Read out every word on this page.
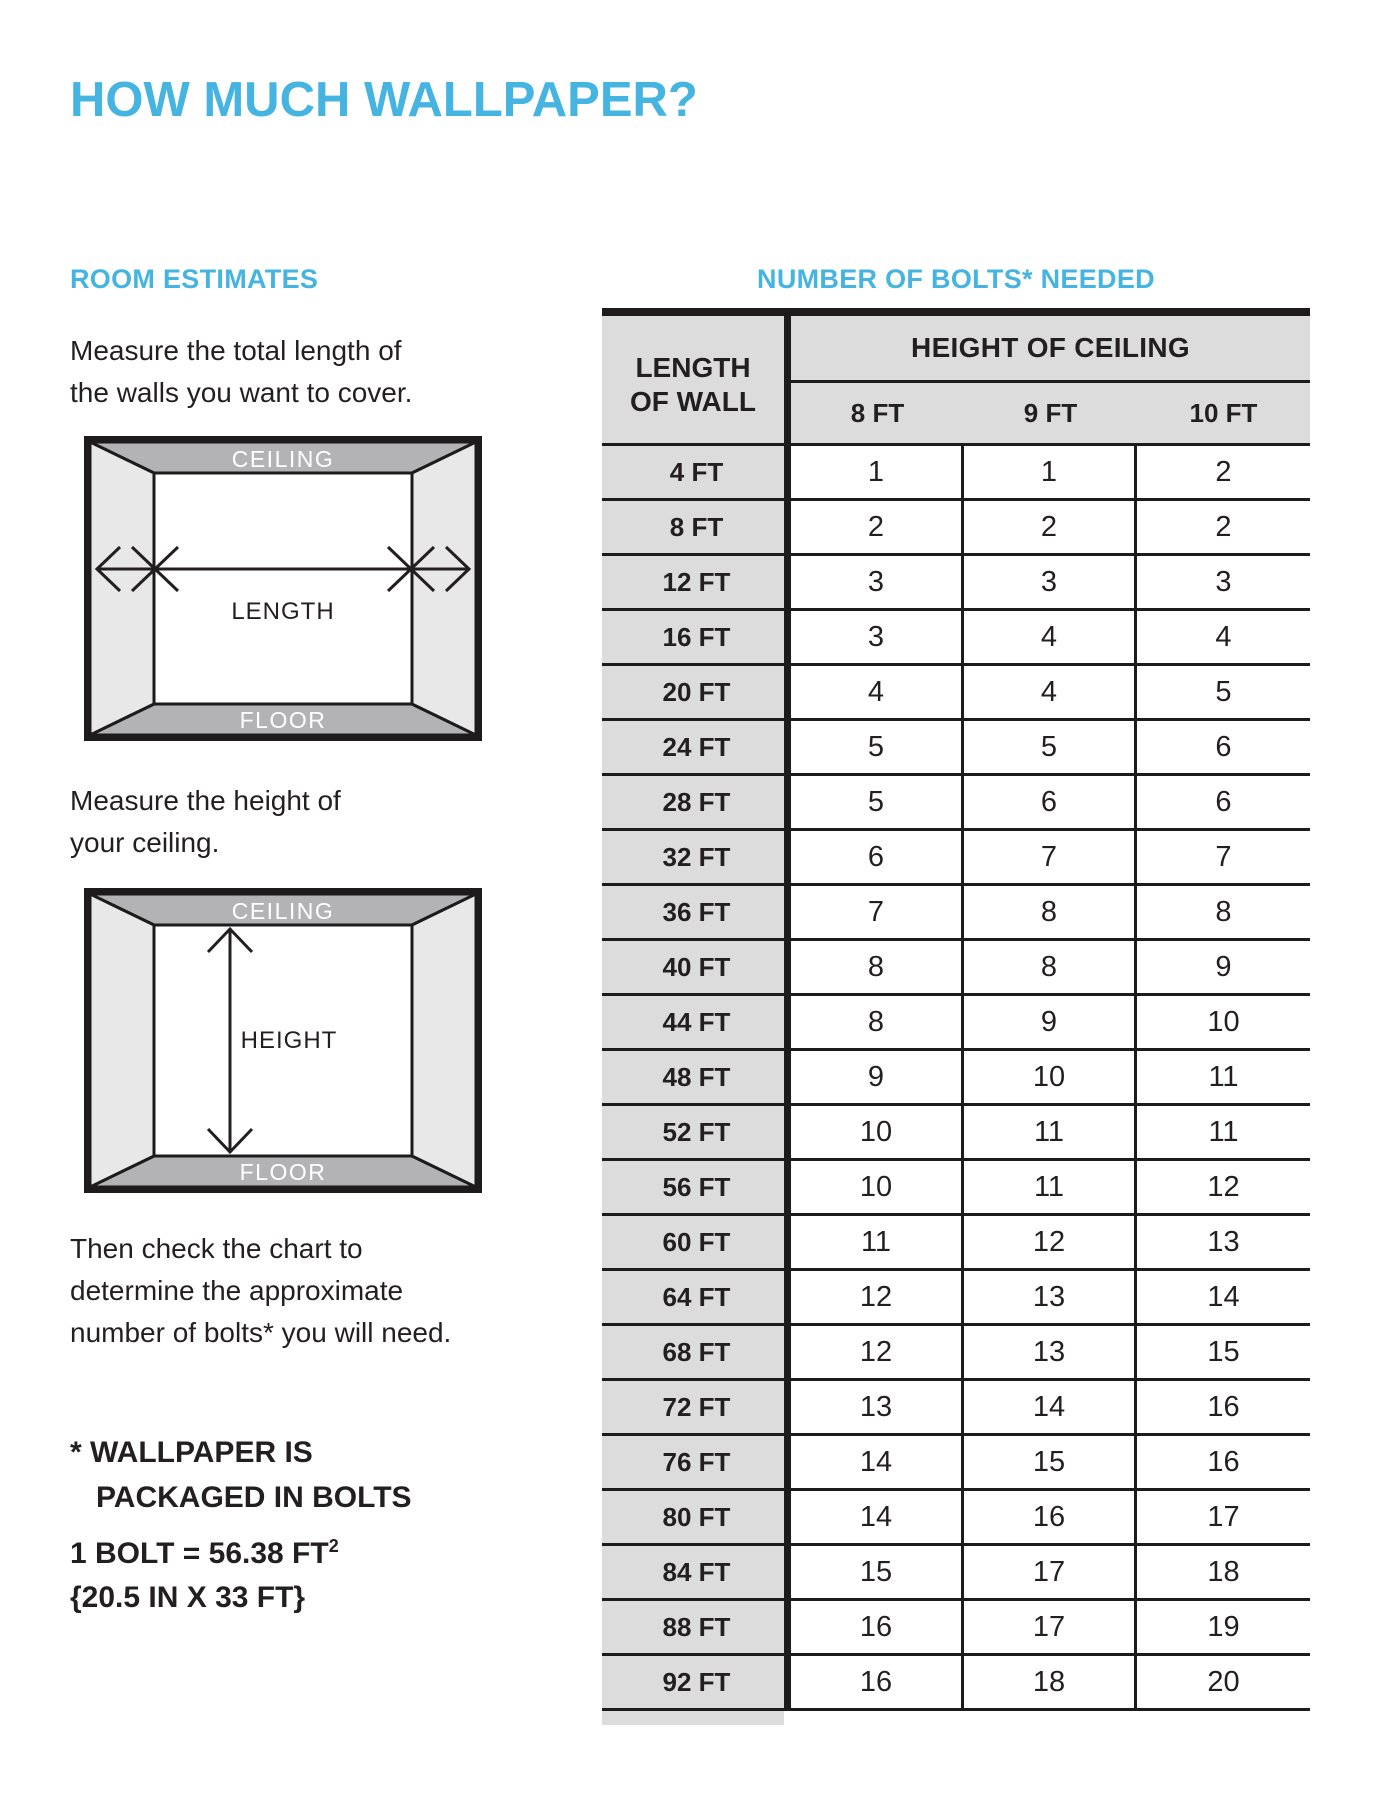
HOW MUCH WALLPAPER?
ROOM ESTIMATES
Measure the total length of
the walls you want to cover.
CEILING
FLOOR
LENGTH
Measure the height of
your ceiling.
CEILING
FLOOR
HEIGHT
Then check the chart to
determine the approximate
number of bolts* you will need.
* WALLPAPER IS
PACKAGED IN BOLTS
1 BOLT = 56.38 $FT^2$
{20.5 IN X 33 FT}
NUMBER OF BOLTS* NEEDED
LENGTH
OF WALL
HEIGHT OF CEILING
8 FT	9 FT	10 FT
4 FT	1	1	2
8 FT	2	2	2
12 FT	3	3	3
16 FT	3	4	4
20 FT	4	4	5
24 FT	5	5	6
28 FT	5	6	6
32 FT	6	7	7
36 FT	7	8	8
40 FT	8	8	9
44 FT	8	9	10
48 FT	9	10	11
52 FT	10	11	11
56 FT	10	11	12
60 FT	11	12	13
64 FT	12	13	14
68 FT	12	13	15
72 FT	13	14	16
76 FT	14	15	16
80 FT	14	16	17
84 FT	15	17	18
88 FT	16	17	19
92 FT	16	18	20
